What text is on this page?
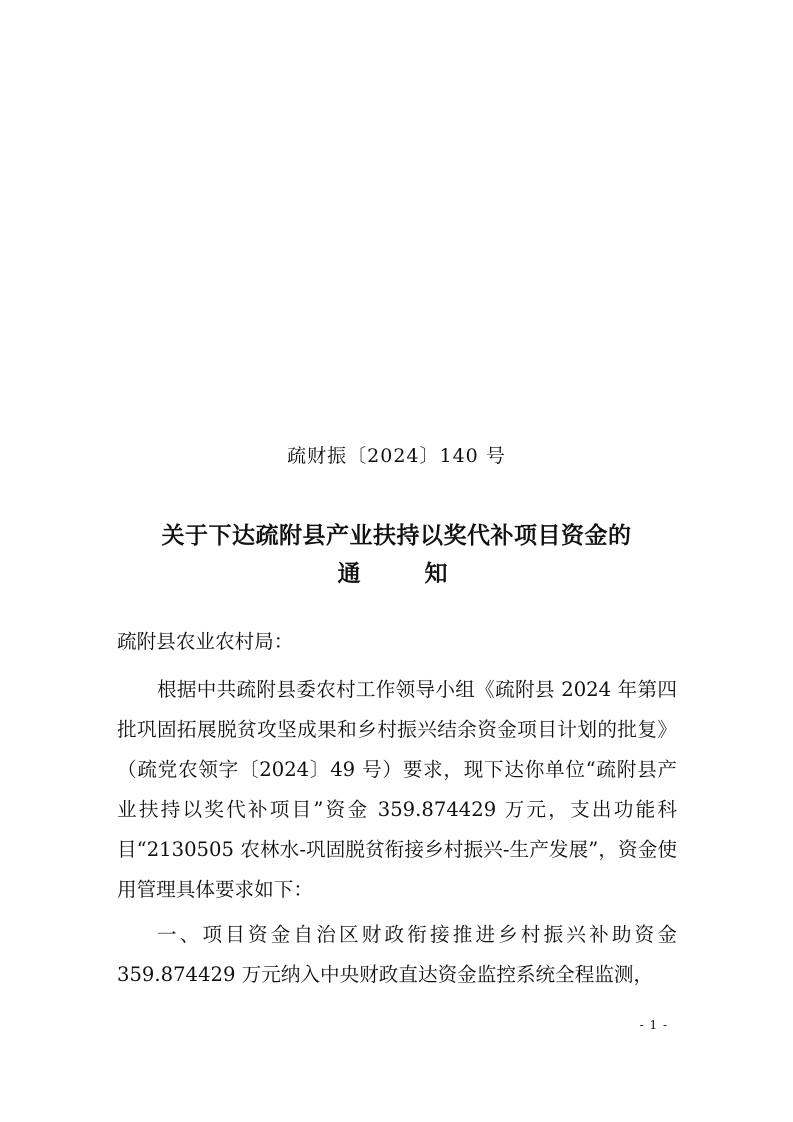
疏财振〔2024〕140 号
关于下达疏附县产业扶持以奖代补项目资金的
通 知
疏附县农业农村局：

根据中共疏附县委农村工作领导小组《疏附县 2024 年第四批巩固拓展脱贫攻坚成果和乡村振兴结余资金项目计划的批复》（疏党农领字〔2024〕49 号）要求，现下达你单位“疏附县产业扶持以奖代补项目”资金 359.874429 万元，支出功能科目“2130505 农林水-巩固脱贫衔接乡村振兴-生产发展”，资金使用管理具体要求如下：

一、项目资金自治区财政衔接推进乡村振兴补助资金 359.874429 万元纳入中央财政直达资金监控系统全程监测，

- 1 -
